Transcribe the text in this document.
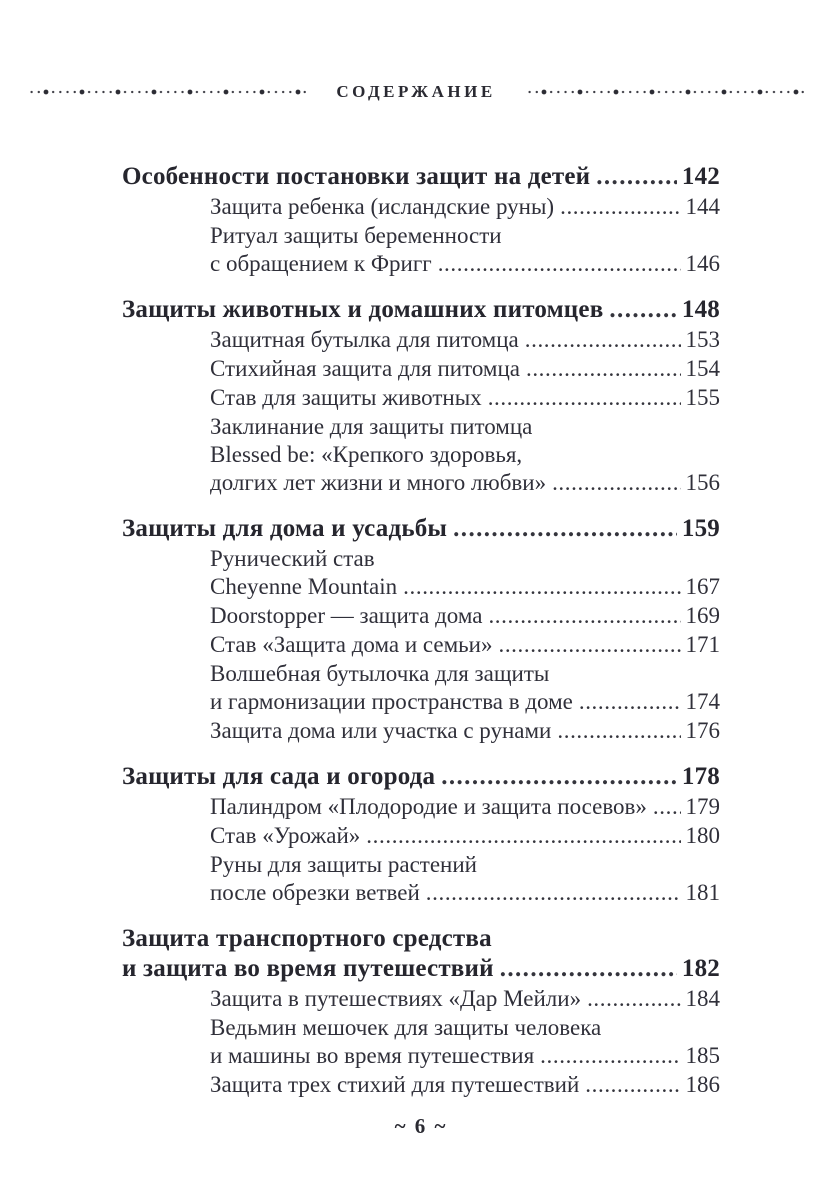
СОДЕРЖАНИЕ
Особенности постановки защит на детей .....	142
Защита ребенка (исландские руны) .....	144
Ритуал защиты беременности
с обращением к Фригг .....	146
Защиты животных и домашних питомцев .....	148
Защитная бутылка для питомца .....	153
Стихийная защита для питомца .....	154
Став для защиты животных .....	155
Заклинание для защиты питомца
Blessed be: «Крепкого здоровья,
долгих лет жизни и много любви» .....	156
Защиты для дома и усадьбы .....	159
Рунический став
Cheyenne Mountain .....	167
Doorstopper — защита дома .....	169
Став «Защита дома и семьи» .....	171
Волшебная бутылочка для защиты
и гармонизации пространства в доме .....	174
Защита дома или участка с рунами .....	176
Защиты для сада и огорода .....	178
Палиндром «Плодородие и защита посевов» ..... 179
Став «Урожай» .....	180
Руны для защиты растений
после обрезки ветвей .....	181
Защита транспортного средства
и защита во время путешествий .....	182
Защита в путешествиях «Дар Мейли» .....	184
Ведьмин мешочек для защиты человека
и машины во время путешествия .....	185
Защита трех стихий для путешествий .....	186
~ 6 ~
